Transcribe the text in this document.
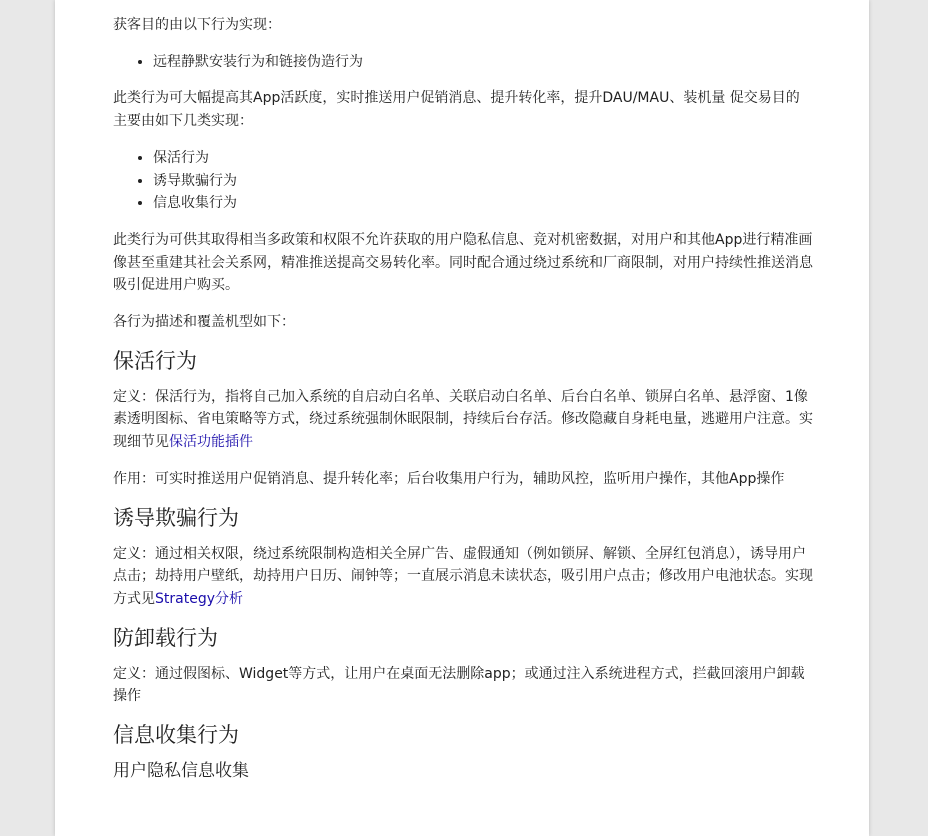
获客目的由以下行为实现：

• 远程静默安装行为和链接伪造行为

此类行为可大幅提高其App活跃度，实时推送用户促销消息、提升转化率，提升DAU/MAU、装机量 促交易目的主要由如下几类实现：

• 保活行为
• 诱导欺骗行为
• 信息收集行为

此类行为可供其取得相当多政策和权限不允许获取的用户隐私信息、竞对机密数据，对用户和其他App进行精准画像甚至重建其社会关系网，精准推送提高交易转化率。同时配合通过绕过系统和厂商限制，对用户持续性推送消息吸引促进用户购买。

各行为描述和覆盖机型如下：

保活行为

定义：保活行为，指将自己加入系统的自启动白名单、关联启动白名单、后台白名单、锁屏白名单、悬浮窗、1像素透明图标、省电策略等方式，绕过系统强制休眠限制，持续后台存活。修改隐藏自身耗电量，逃避用户注意。实现细节见保活功能插件

作用：可实时推送用户促销消息、提升转化率；后台收集用户行为，辅助风控，监听用户操作，其他App操作

诱导欺骗行为

定义：通过相关权限，绕过系统限制构造相关全屏广告、虚假通知（例如锁屏、解锁、全屏红包消息），诱导用户点击；劫持用户壁纸，劫持用户日历、闹钟等；一直展示消息未读状态，吸引用户点击；修改用户电池状态。实现方式见Strategy分析

防卸载行为

定义：通过假图标、Widget等方式，让用户在桌面无法删除app；或通过注入系统进程方式，拦截回滚用户卸载操作

信息收集行为
用户隐私信息收集
